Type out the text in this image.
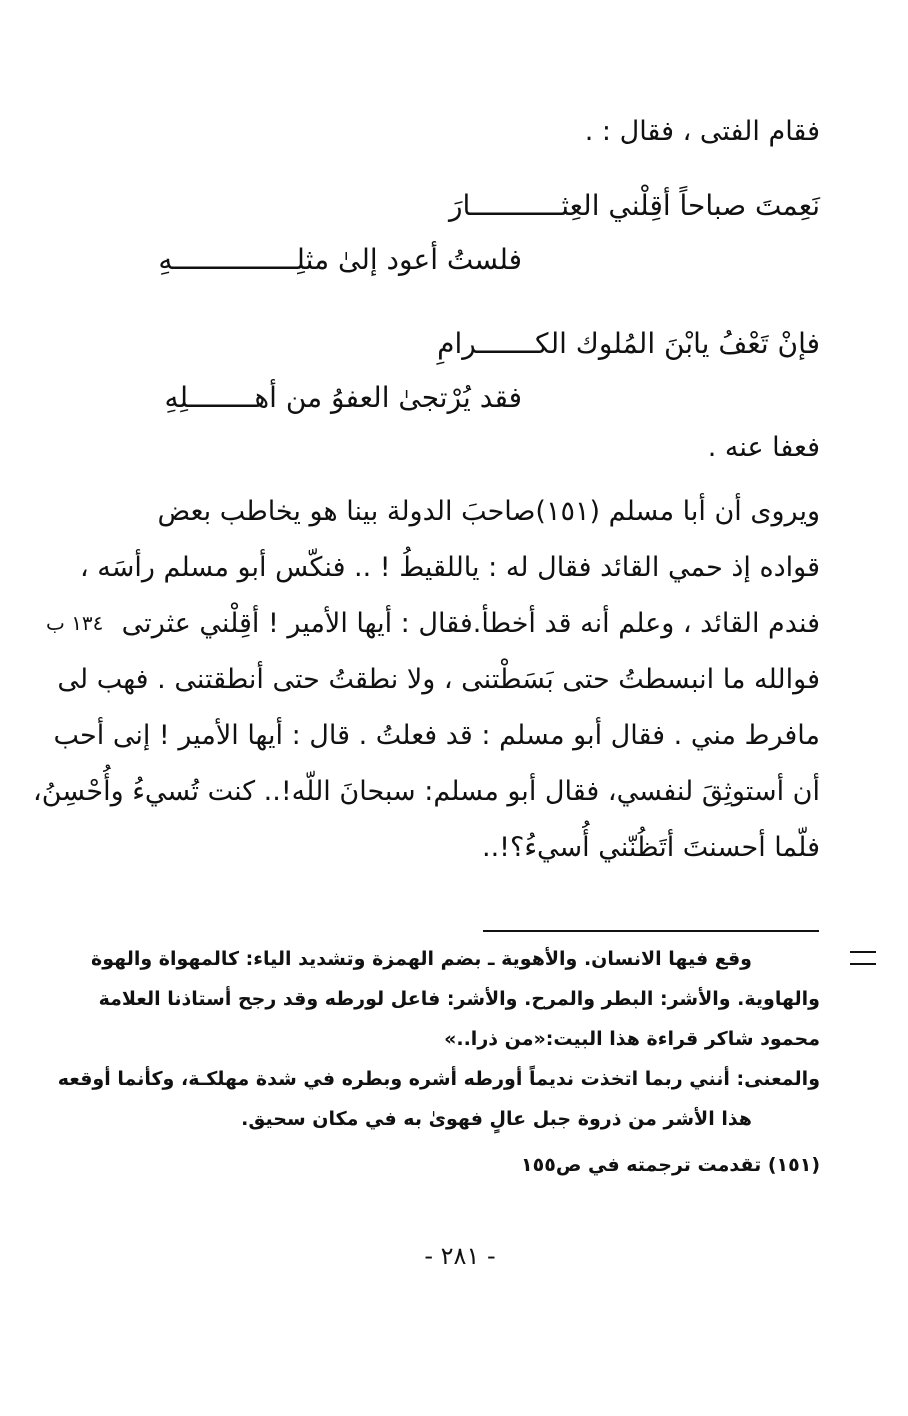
فقام الفتى ، فقال : .
نَعِمتَ صباحاً أقِلْني العِثـــــــــــارَ
فلستُ أعود إلىٰ مثلِـــــــــــــــهِ
فإنْ تَعْفُ يابْنَ المُلوك الكـــــــرامِ
فقد يُرْتجىٰ العفوُ من أهــــــــلِهِ
فعفا عنه .
ويروى أن أبا مسلم (١٥١)صاحبَ الدولة بينا هو يخاطب بعض
قواده إذ حمي القائد فقال له : ياللقيطُ ! .. فنكّس أبو مسلم رأسَه ،
فندم القائد ، وعلم أنه قد أخطأ.فقال : أيها الأمير ! أقِلْني عثرتى
١٣٤ ب
فوالله ما انبسطتُ حتى بَسَطْتنى ، ولا نطقتُ حتى أنطقتنى . فهب لى
مافرط مني . فقال أبو مسلم : قد فعلتُ . قال : أيها الأمير ! إنى أحب
أن أستوثِقَ لنفسي، فقال أبو مسلم: سبحانَ اللّه!.. كنت تُسيءُ وأُحْسِنُ،
فلّما أحسنتَ أتَظُنّني أُسيءُ؟!..
وقع فيها الانسان. والأهوية ـ بضم الهمزة وتشديد الياء: كالمهواة والهوة
والهاوية. والأشر: البطر والمرح. والأشر: فاعل لورطه وقد رجح أستاذنا العلامة
محمود شاكر قراءة هذا البيت:«من ذرا..»
والمعنى: أنني ربما اتخذت نديماً أورطه أشره وبطره في شدة مهلكـة، وكأنما أوقعه
هذا الأشر من ذروة جبل عالٍ فهوىٰ به في مكان سحيق.
(١٥١) تقدمت ترجمته في ص١٥٥
- ٢٨١ -
